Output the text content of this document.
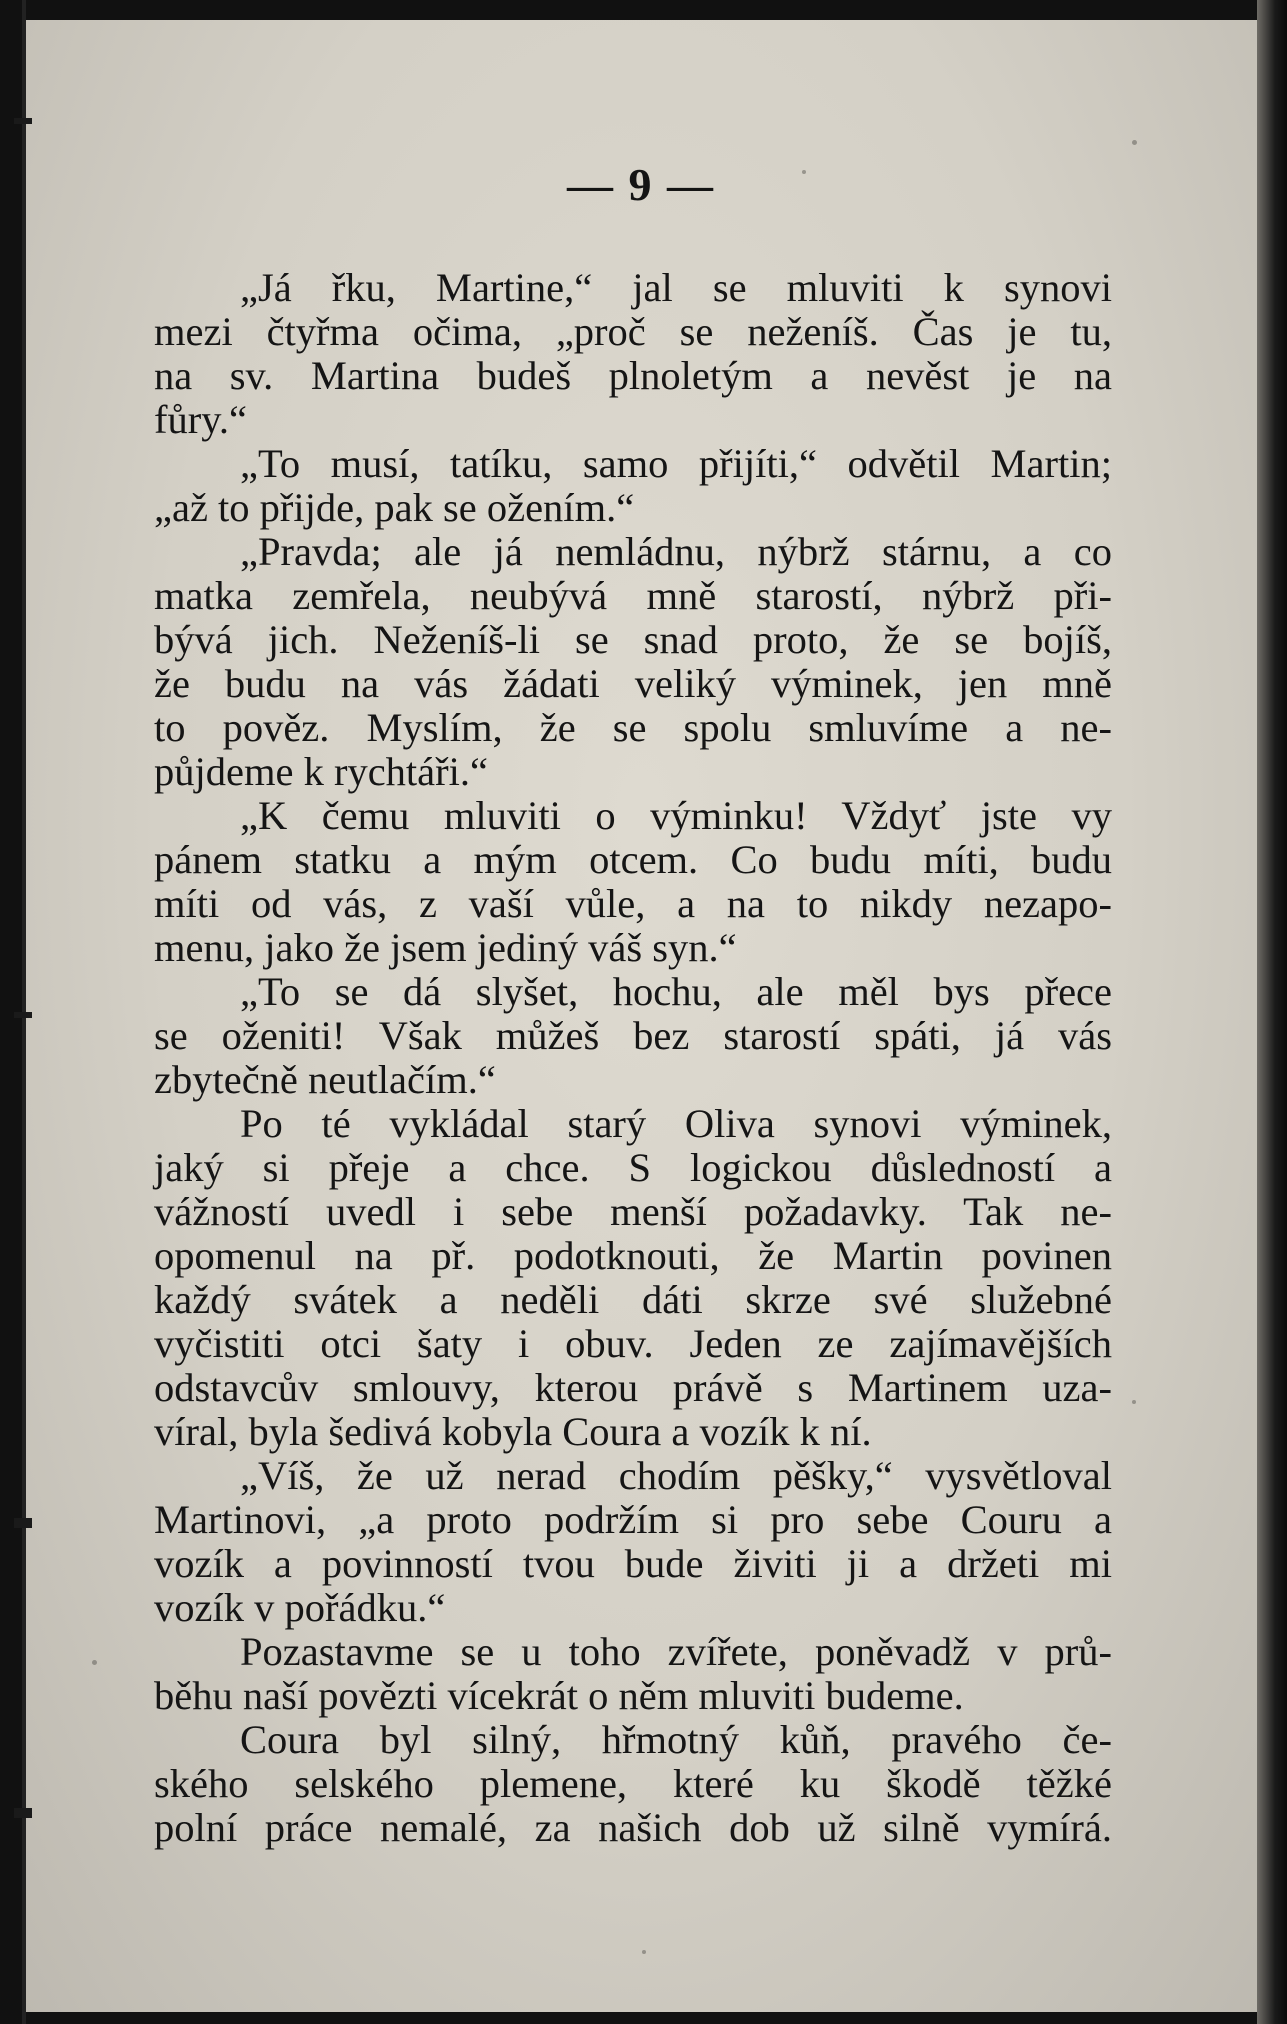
— 9 —
„Já řku, Martine,“ jal se mluviti k synovi
mezi čtyřma očima, „proč se neženíš. Čas je tu,
na sv. Martina budeš plnoletým a nevěst je na
fůry.“
„To musí, tatíku, samo přijíti,“ odvětil Martin;
„až to přijde, pak se ožením.“
„Pravda; ale já nemládnu, nýbrž stárnu, a co
matka zemřela, neubývá mně starostí, nýbrž při-
bývá jich. Neženíš-li se snad proto, že se bojíš,
že budu na vás žádati veliký výminek, jen mně
to pověz. Myslím, že se spolu smluvíme a ne-
půjdeme k rychtáři.“
„K čemu mluviti o výminku! Vždyť jste vy
pánem statku a mým otcem. Co budu míti, budu
míti od vás, z vaší vůle, a na to nikdy nezapo-
menu, jako že jsem jediný váš syn.“
„To se dá slyšet, hochu, ale měl bys přece
se oženiti! Však můžeš bez starostí spáti, já vás
zbytečně neutlačím.“
Po té vykládal starý Oliva synovi výminek,
jaký si přeje a chce. S logickou důsledností a
vážností uvedl i sebe menší požadavky. Tak ne-
opomenul na př. podotknouti, že Martin povinen
každý svátek a neděli dáti skrze své služebné
vyčistiti otci šaty i obuv. Jeden ze zajímavějších
odstavcův smlouvy, kterou právě s Martinem uza-
víral, byla šedivá kobyla Coura a vozík k ní.
„Víš, že už nerad chodím pěšky,“ vysvětloval
Martinovi, „a proto podržím si pro sebe Couru a
vozík a povinností tvou bude živiti ji a držeti mi
vozík v pořádku.“
Pozastavme se u toho zvířete, poněvadž v prů-
běhu naší povězti vícekrát o něm mluviti budeme.
Coura byl silný, hřmotný kůň, pravého če-
ského selského plemene, které ku škodě těžké
polní práce nemalé, za našich dob už silně vymírá.
